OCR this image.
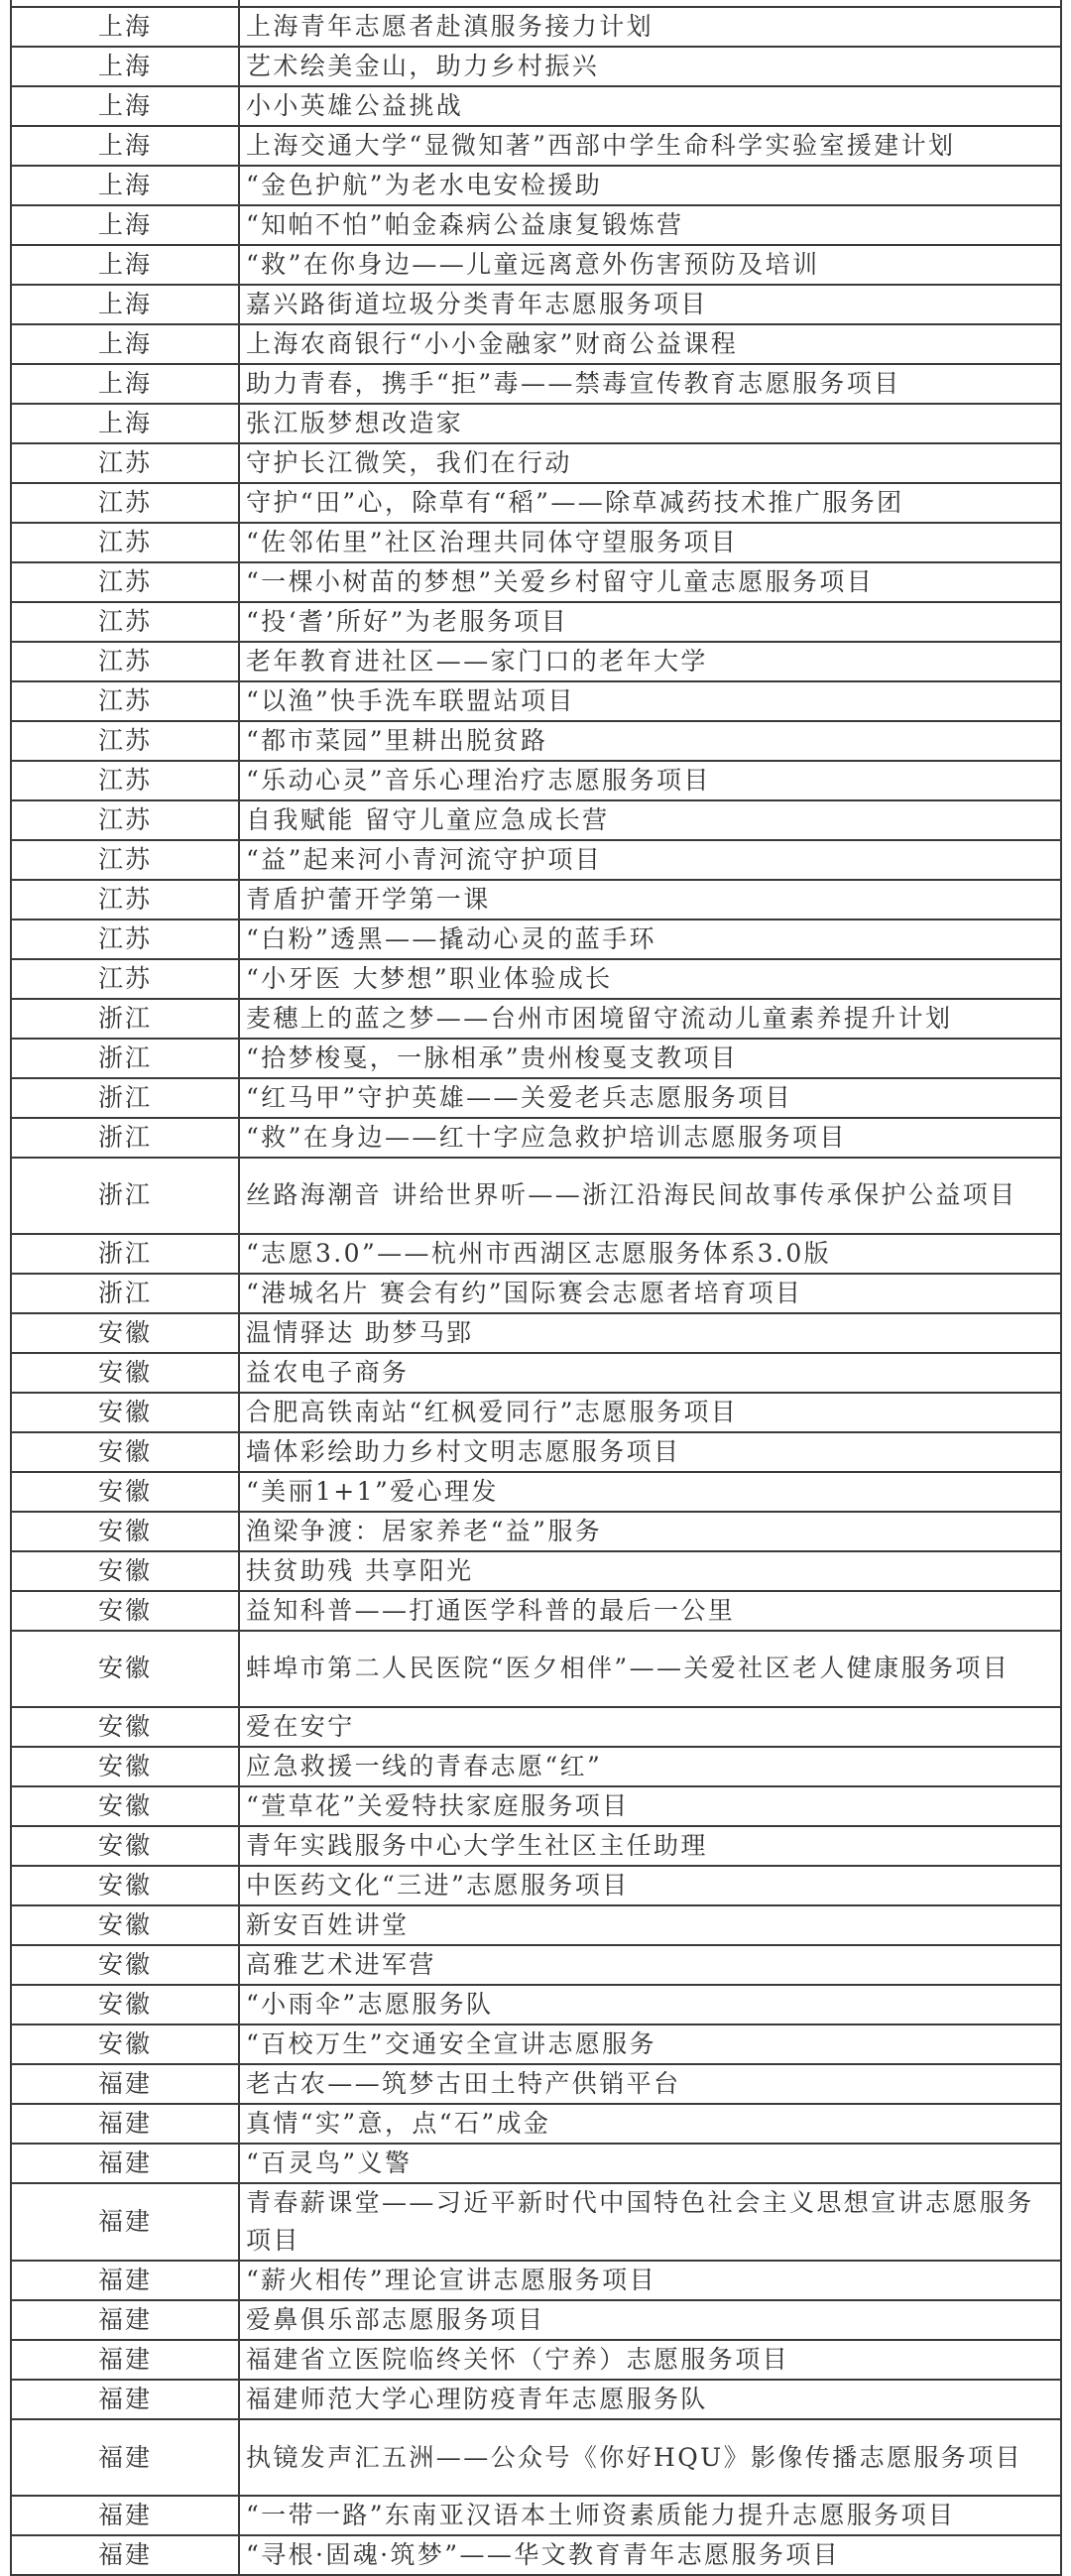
上海	上海青年志愿者赴滇服务接力计划
上海	艺术绘美金山，助力乡村振兴
上海	小小英雄公益挑战
上海	上海交通大学“显微知著”西部中学生命科学实验室援建计划
上海	“金色护航”为老水电安检援助
上海	“知帕不怕”帕金森病公益康复锻炼营
上海	“救”在你身边——儿童远离意外伤害预防及培训
上海	嘉兴路街道垃圾分类青年志愿服务项目
上海	上海农商银行“小小金融家”财商公益课程
上海	助力青春，携手“拒”毒——禁毒宣传教育志愿服务项目
上海	张江版梦想改造家
江苏	守护长江微笑，我们在行动
江苏	守护“田”心，除草有“稻”——除草减药技术推广服务团
江苏	“佐邻佑里”社区治理共同体守望服务项目
江苏	“一棵小树苗的梦想”关爱乡村留守儿童志愿服务项目
江苏	“投‘耆’所好”为老服务项目
江苏	老年教育进社区——家门口的老年大学
江苏	“以渔”快手洗车联盟站项目
江苏	“都市菜园”里耕出脱贫路
江苏	“乐动心灵”音乐心理治疗志愿服务项目
江苏	自我赋能 留守儿童应急成长营
江苏	“益”起来河小青河流守护项目
江苏	青盾护蕾开学第一课
江苏	“白粉”透黑——撬动心灵的蓝手环
江苏	“小牙医 大梦想”职业体验成长
浙江	麦穗上的蓝之梦——台州市困境留守流动儿童素养提升计划
浙江	“拾梦梭戛，一脉相承”贵州梭戛支教项目
浙江	“红马甲”守护英雄——关爱老兵志愿服务项目
浙江	“救”在身边——红十字应急救护培训志愿服务项目
浙江	丝路海潮音 讲给世界听——浙江沿海民间故事传承保护公益项目
浙江	“志愿3.0”——杭州市西湖区志愿服务体系3.0版
浙江	“港城名片 赛会有约”国际赛会志愿者培育项目
安徽	温情驿达 助梦马郢
安徽	益农电子商务
安徽	合肥高铁南站“红枫爱同行”志愿服务项目
安徽	墙体彩绘助力乡村文明志愿服务项目
安徽	“美丽1+1”爱心理发
安徽	渔梁争渡：居家养老“益”服务
安徽	扶贫助残 共享阳光
安徽	益知科普——打通医学科普的最后一公里
安徽	蚌埠市第二人民医院“医夕相伴”——关爱社区老人健康服务项目
安徽	爱在安宁
安徽	应急救援一线的青春志愿“红”
安徽	“萱草花”关爱特扶家庭服务项目
安徽	青年实践服务中心大学生社区主任助理
安徽	中医药文化“三进”志愿服务项目
安徽	新安百姓讲堂
安徽	高雅艺术进军营
安徽	“小雨伞”志愿服务队
安徽	“百校万生”交通安全宣讲志愿服务
福建	老古农——筑梦古田土特产供销平台
福建	真情“实”意，点“石”成金
福建	“百灵鸟”义警
福建	青春薪课堂——习近平新时代中国特色社会主义思想宣讲志愿服务项目
福建	“薪火相传”理论宣讲志愿服务项目
福建	爱鼻俱乐部志愿服务项目
福建	福建省立医院临终关怀（宁养）志愿服务项目
福建	福建师范大学心理防疫青年志愿服务队
福建	执镜发声汇五洲——公众号《你好HQU》影像传播志愿服务项目
福建	“一带一路”东南亚汉语本土师资素质能力提升志愿服务项目
福建	“寻根·固魂·筑梦”——华文教育青年志愿服务项目
